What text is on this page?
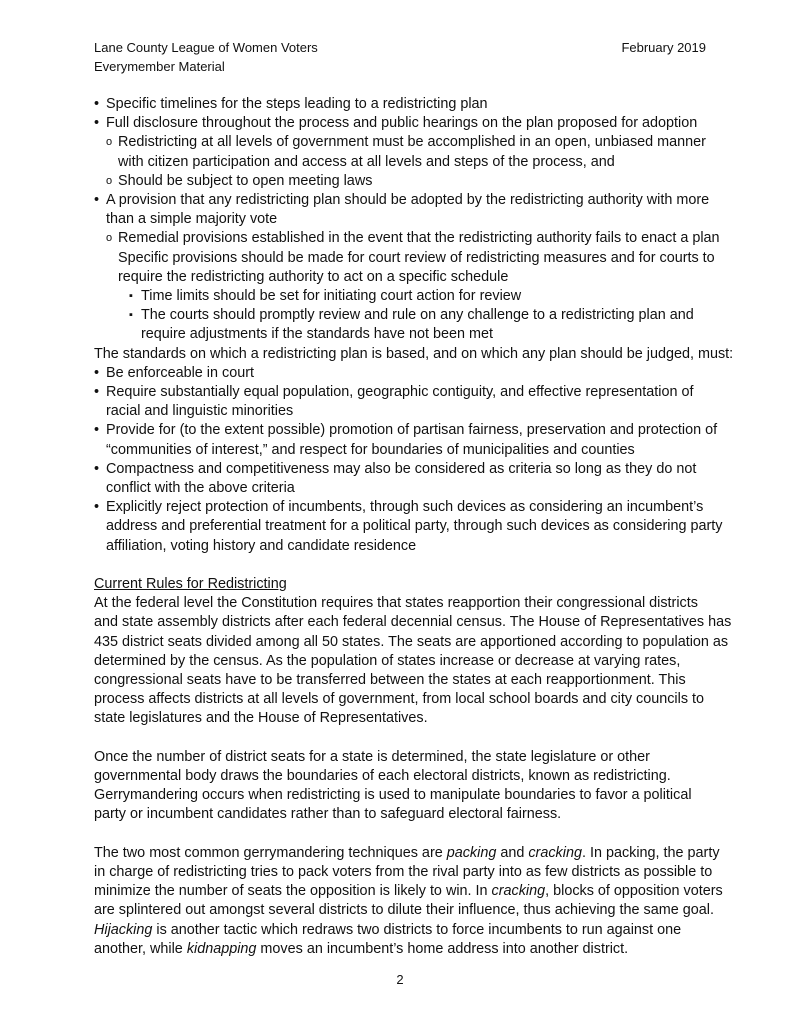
Lane County League of Women Voters
Everymember Material
February 2019
• Specific timelines for the steps leading to a redistricting plan
• Full disclosure throughout the process and public hearings on the plan proposed for adoption
o Redistricting at all levels of government must be accomplished in an open, unbiased manner
with citizen participation and access at all levels and steps of the process, and
o Should be subject to open meeting laws
• A provision that any redistricting plan should be adopted by the redistricting authority with more
than a simple majority vote
o Remedial provisions established in the event that the redistricting authority fails to enact a plan
Specific provisions should be made for court review of redistricting measures and for courts to
require the redistricting authority to act on a specific schedule
▪ Time limits should be set for initiating court action for review
▪ The courts should promptly review and rule on any challenge to a redistricting plan and
require adjustments if the standards have not been met
The standards on which a redistricting plan is based, and on which any plan should be judged, must:
• Be enforceable in court
• Require substantially equal population, geographic contiguity, and effective representation of
racial and linguistic minorities
• Provide for (to the extent possible) promotion of partisan fairness, preservation and protection of
“communities of interest,” and respect for boundaries of municipalities and counties
• Compactness and competitiveness may also be considered as criteria so long as they do not
conflict with the above criteria
• Explicitly reject protection of incumbents, through such devices as considering an incumbent’s
address and preferential treatment for a political party, through such devices as considering party
affiliation, voting history and candidate residence
Current Rules for Redistricting
At the federal level the Constitution requires that states reapportion their congressional districts
and state assembly districts after each federal decennial census. The House of Representatives has
435 district seats divided among all 50 states. The seats are apportioned according to population as
determined by the census. As the population of states increase or decrease at varying rates,
congressional seats have to be transferred between the states at each reapportionment. This
process affects districts at all levels of government, from local school boards and city councils to
state legislatures and the House of Representatives.
Once the number of district seats for a state is determined, the state legislature or other
governmental body draws the boundaries of each electoral districts, known as redistricting.
Gerrymandering occurs when redistricting is used to manipulate boundaries to favor a political
party or incumbent candidates rather than to safeguard electoral fairness.
The two most common gerrymandering techniques are packing and cracking. In packing, the party
in charge of redistricting tries to pack voters from the rival party into as few districts as possible to
minimize the number of seats the opposition is likely to win. In cracking, blocks of opposition voters
are splintered out amongst several districts to dilute their influence, thus achieving the same goal.
Hijacking is another tactic which redraws two districts to force incumbents to run against one
another, while kidnapping moves an incumbent’s home address into another district.
2
